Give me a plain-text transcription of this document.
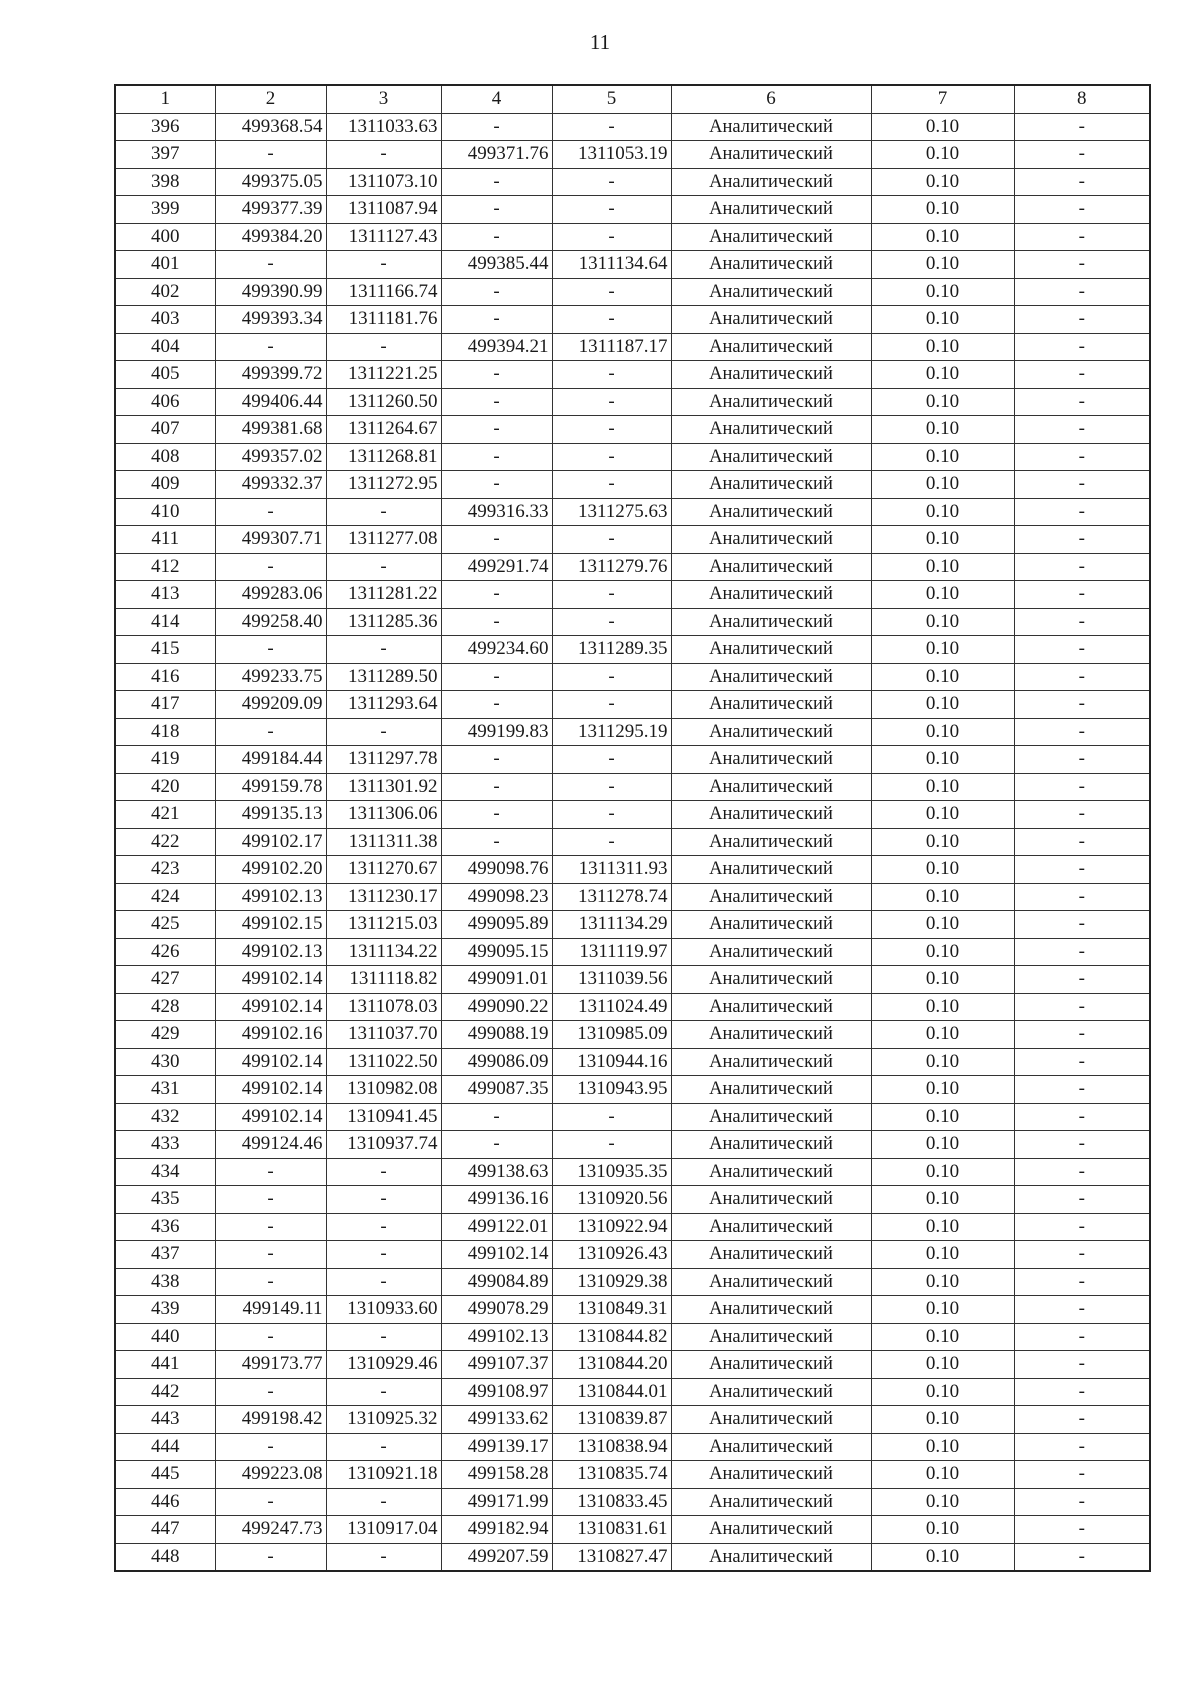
11
1	2	3	4	5	6	7	8
396	499368.54	1311033.63	-	-	Аналитический	0.10	-
397	-	-	499371.76	1311053.19	Аналитический	0.10	-
398	499375.05	1311073.10	-	-	Аналитический	0.10	-
399	499377.39	1311087.94	-	-	Аналитический	0.10	-
400	499384.20	1311127.43	-	-	Аналитический	0.10	-
401	-	-	499385.44	1311134.64	Аналитический	0.10	-
402	499390.99	1311166.74	-	-	Аналитический	0.10	-
403	499393.34	1311181.76	-	-	Аналитический	0.10	-
404	-	-	499394.21	1311187.17	Аналитический	0.10	-
405	499399.72	1311221.25	-	-	Аналитический	0.10	-
406	499406.44	1311260.50	-	-	Аналитический	0.10	-
407	499381.68	1311264.67	-	-	Аналитический	0.10	-
408	499357.02	1311268.81	-	-	Аналитический	0.10	-
409	499332.37	1311272.95	-	-	Аналитический	0.10	-
410	-	-	499316.33	1311275.63	Аналитический	0.10	-
411	499307.71	1311277.08	-	-	Аналитический	0.10	-
412	-	-	499291.74	1311279.76	Аналитический	0.10	-
413	499283.06	1311281.22	-	-	Аналитический	0.10	-
414	499258.40	1311285.36	-	-	Аналитический	0.10	-
415	-	-	499234.60	1311289.35	Аналитический	0.10	-
416	499233.75	1311289.50	-	-	Аналитический	0.10	-
417	499209.09	1311293.64	-	-	Аналитический	0.10	-
418	-	-	499199.83	1311295.19	Аналитический	0.10	-
419	499184.44	1311297.78	-	-	Аналитический	0.10	-
420	499159.78	1311301.92	-	-	Аналитический	0.10	-
421	499135.13	1311306.06	-	-	Аналитический	0.10	-
422	499102.17	1311311.38	-	-	Аналитический	0.10	-
423	499102.20	1311270.67	499098.76	1311311.93	Аналитический	0.10	-
424	499102.13	1311230.17	499098.23	1311278.74	Аналитический	0.10	-
425	499102.15	1311215.03	499095.89	1311134.29	Аналитический	0.10	-
426	499102.13	1311134.22	499095.15	1311119.97	Аналитический	0.10	-
427	499102.14	1311118.82	499091.01	1311039.56	Аналитический	0.10	-
428	499102.14	1311078.03	499090.22	1311024.49	Аналитический	0.10	-
429	499102.16	1311037.70	499088.19	1310985.09	Аналитический	0.10	-
430	499102.14	1311022.50	499086.09	1310944.16	Аналитический	0.10	-
431	499102.14	1310982.08	499087.35	1310943.95	Аналитический	0.10	-
432	499102.14	1310941.45	-	-	Аналитический	0.10	-
433	499124.46	1310937.74	-	-	Аналитический	0.10	-
434	-	-	499138.63	1310935.35	Аналитический	0.10	-
435	-	-	499136.16	1310920.56	Аналитический	0.10	-
436	-	-	499122.01	1310922.94	Аналитический	0.10	-
437	-	-	499102.14	1310926.43	Аналитический	0.10	-
438	-	-	499084.89	1310929.38	Аналитический	0.10	-
439	499149.11	1310933.60	499078.29	1310849.31	Аналитический	0.10	-
440	-	-	499102.13	1310844.82	Аналитический	0.10	-
441	499173.77	1310929.46	499107.37	1310844.20	Аналитический	0.10	-
442	-	-	499108.97	1310844.01	Аналитический	0.10	-
443	499198.42	1310925.32	499133.62	1310839.87	Аналитический	0.10	-
444	-	-	499139.17	1310838.94	Аналитический	0.10	-
445	499223.08	1310921.18	499158.28	1310835.74	Аналитический	0.10	-
446	-	-	499171.99	1310833.45	Аналитический	0.10	-
447	499247.73	1310917.04	499182.94	1310831.61	Аналитический	0.10	-
448	-	-	499207.59	1310827.47	Аналитический	0.10	-
